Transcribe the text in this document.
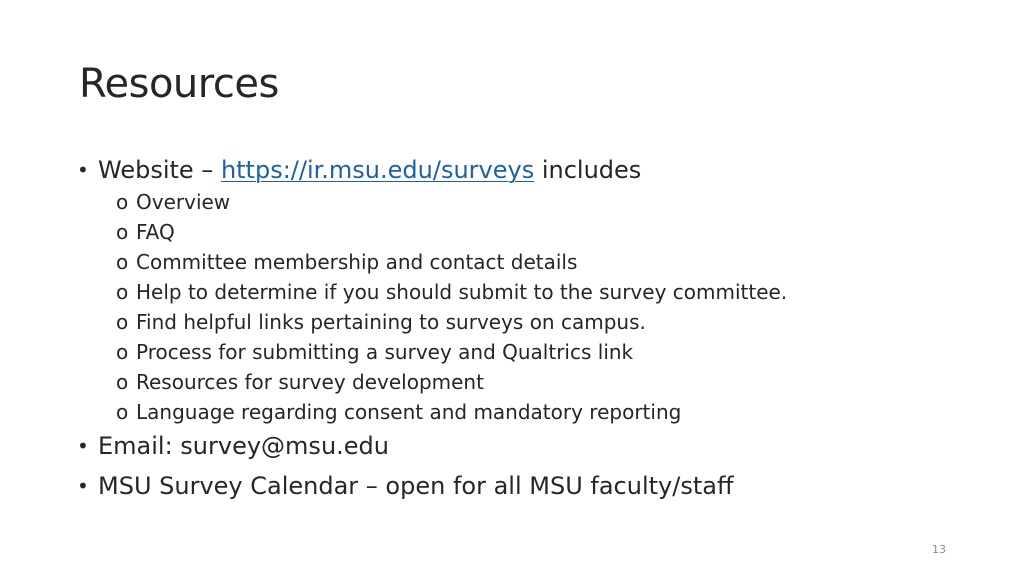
Resources
• Website – https://ir.msu.edu/surveys includes
o Overview
o FAQ
o Committee membership and contact details
o Help to determine if you should submit to the survey committee.
o Find helpful links pertaining to surveys on campus.
o Process for submitting a survey and Qualtrics link
o Resources for survey development
o Language regarding consent and mandatory reporting
• Email: survey@msu.edu
• MSU Survey Calendar – open for all MSU faculty/staff
13
